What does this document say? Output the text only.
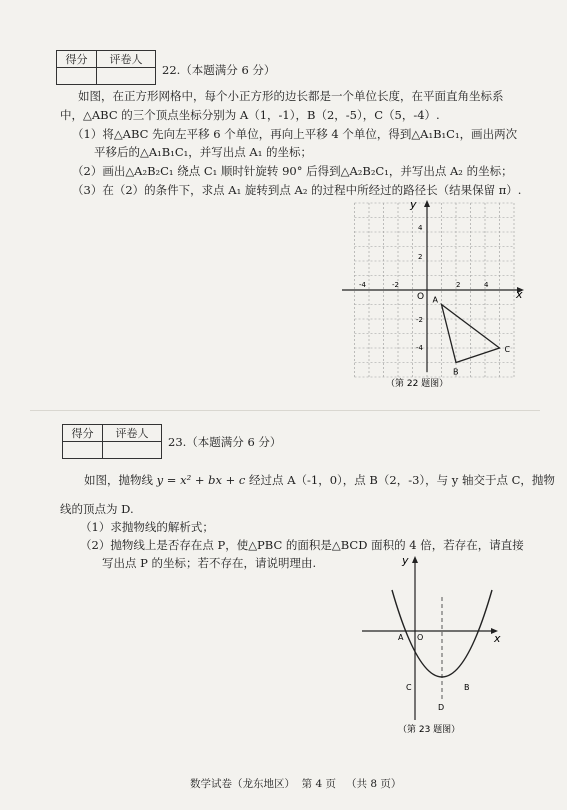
得分	评卷人

22.（本题满分 6 分）
如图，在正方形网格中，每个小正方形的边长都是一个单位长度，在平面直角坐标系
中，△ABC 的三个顶点坐标分别为 A（1，-1），B（2，-5），C（5，-4）.
（1）将△ABC 先向左平移 6 个单位，再向上平移 4 个单位，得到△A₁B₁C₁，画出两次
平移后的△A₁B₁C₁，并写出点 A₁ 的坐标；
（2）画出△A₂B₂C₁ 绕点 C₁ 顺时针旋转 90° 后得到△A₂B₂C₁，并写出点 A₂ 的坐标；
（3）在（2）的条件下，求点 A₁ 旋转到点 A₂ 的过程中所经过的路径长（结果保留 π）.
x
y
O
-4	-2	2	4
4
2
-2
-4
A
B
C
（第 22 题图）
得分	评卷人

23.（本题满分 6 分）
如图，抛物线 y = x² + bx + c 经过点 A（-1，0），点 B（2，-3），与 y 轴交于点 C，抛物
线的顶点为 D.
（1）求抛物线的解析式；
（2）抛物线上是否存在点 P，使△PBC 的面积是△BCD 面积的 4 倍，若存在，请直接
写出点 P 的坐标；若不存在，请说明理由.
x
y
A O
C	B
D
（第 23 题图）
数学试卷（龙东地区）  第 4 页   （共 8 页）
